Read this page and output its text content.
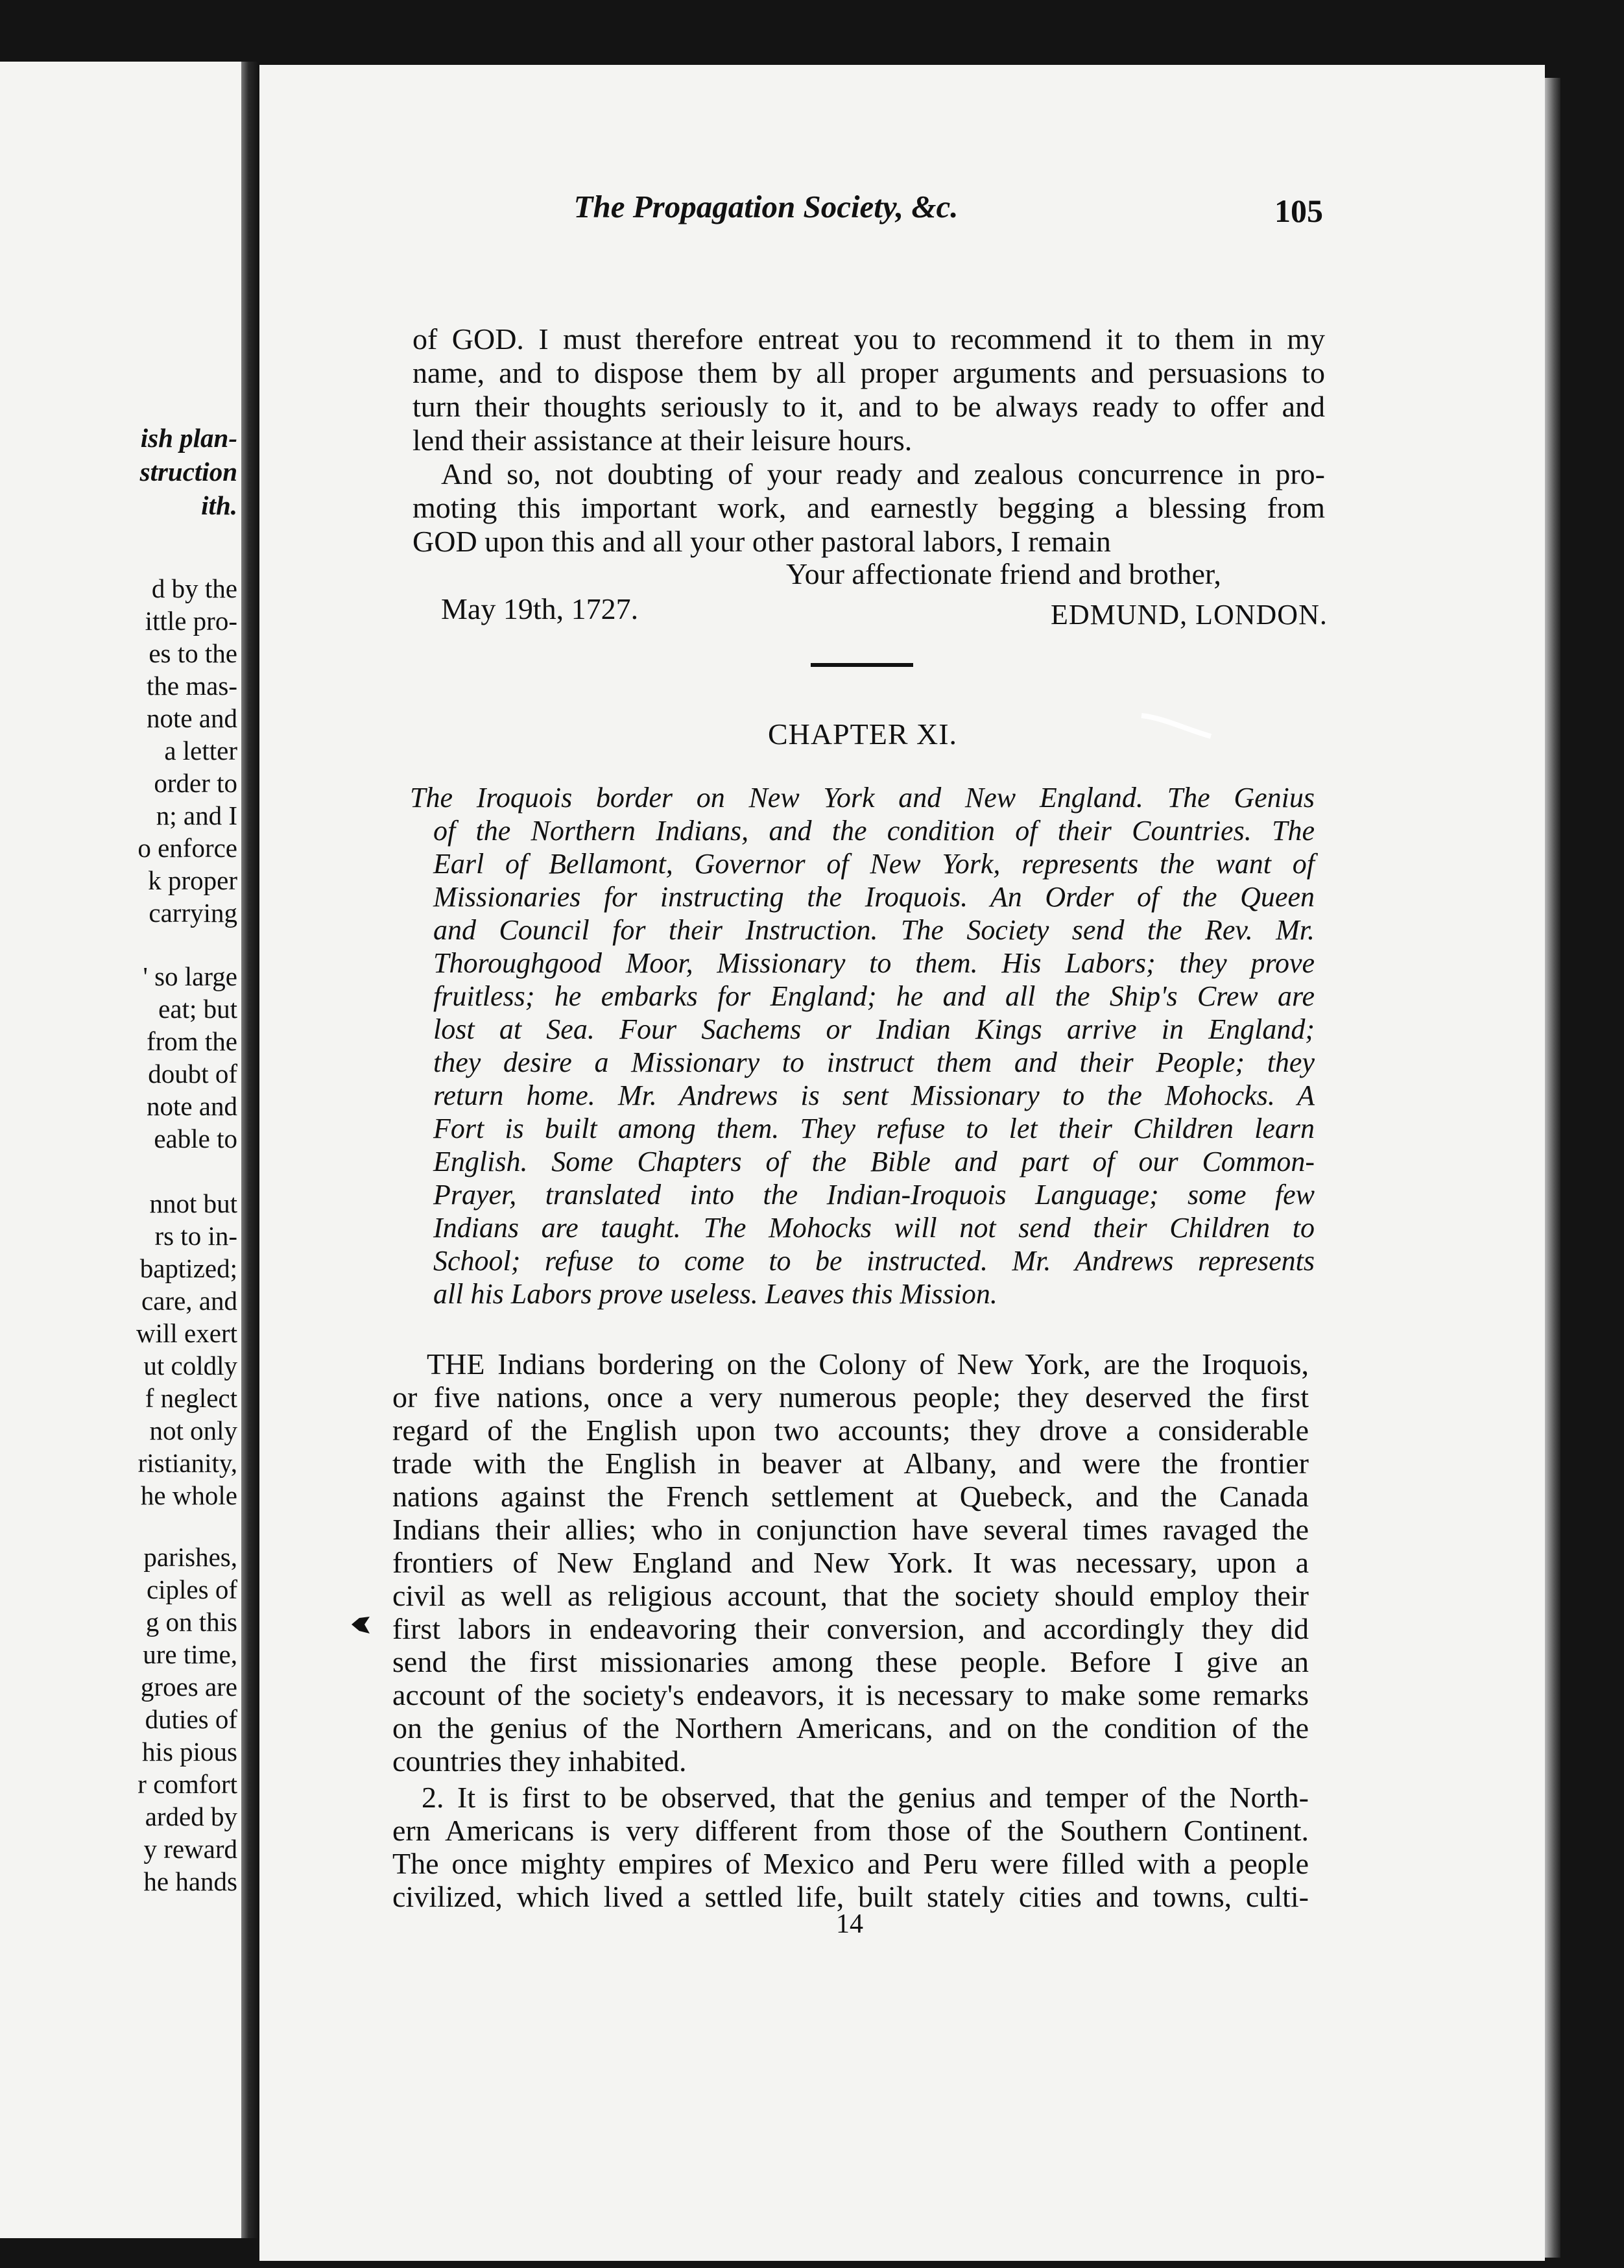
ish plan-
struction
ith.
d by the
ittle pro-
es to the
the mas-
note and
a letter
order to
n; and I
o enforce
k proper
carrying
' so large
eat; but
from the
doubt of
note and
eable to
nnot but
rs to in-
baptized;
care, and
will exert
ut coldly
f neglect
not only
ristianity,
he whole
parishes,
ciples of
g on this
ure time,
groes are
duties of
his pious
r comfort
arded by
y reward
he hands
The Propagation Society, &c.	105
of GOD. I must therefore entreat you to recommend it to them in my
name, and to dispose them by all proper arguments and persuasions to
turn their thoughts seriously to it, and to be always ready to offer and
lend their assistance at their leisure hours.
And so, not doubting of your ready and zealous concurrence in pro-
moting this important work, and earnestly begging a blessing from
GOD upon this and all your other pastoral labors, I remain
Your affectionate friend and brother,
May 19th, 1727.	EDMUND, LONDON.
CHAPTER XI.
The Iroquois border on New York and New England. The Genius
of the Northern Indians, and the condition of their Countries. The
Earl of Bellamont, Governor of New York, represents the want of
Missionaries for instructing the Iroquois. An Order of the Queen
and Council for their Instruction. The Society send the Rev. Mr.
Thoroughgood Moor, Missionary to them. His Labors; they prove
fruitless; he embarks for England; he and all the Ship's Crew are
lost at Sea. Four Sachems or Indian Kings arrive in England;
they desire a Missionary to instruct them and their People; they
return home. Mr. Andrews is sent Missionary to the Mohocks. A
Fort is built among them. They refuse to let their Children learn
English. Some Chapters of the Bible and part of our Common-
Prayer, translated into the Indian-Iroquois Language; some few
Indians are taught. The Mohocks will not send their Children to
School; refuse to come to be instructed. Mr. Andrews represents
all his Labors prove useless. Leaves this Mission.
THE Indians bordering on the Colony of New York, are the Iroquois,
or five nations, once a very numerous people; they deserved the first
regard of the English upon two accounts; they drove a considerable
trade with the English in beaver at Albany, and were the frontier
nations against the French settlement at Quebeck, and the Canada
Indians their allies; who in conjunction have several times ravaged the
frontiers of New England and New York. It was necessary, upon a
civil as well as religious account, that the society should employ their
first labors in endeavoring their conversion, and accordingly they did
send the first missionaries among these people. Before I give an
account of the society's endeavors, it is necessary to make some remarks
on the genius of the Northern Americans, and on the condition of the
countries they inhabited.
2. It is first to be observed, that the genius and temper of the North-
ern Americans is very different from those of the Southern Continent.
The once mighty empires of Mexico and Peru were filled with a people
civilized, which lived a settled life, built stately cities and towns, culti-
14
